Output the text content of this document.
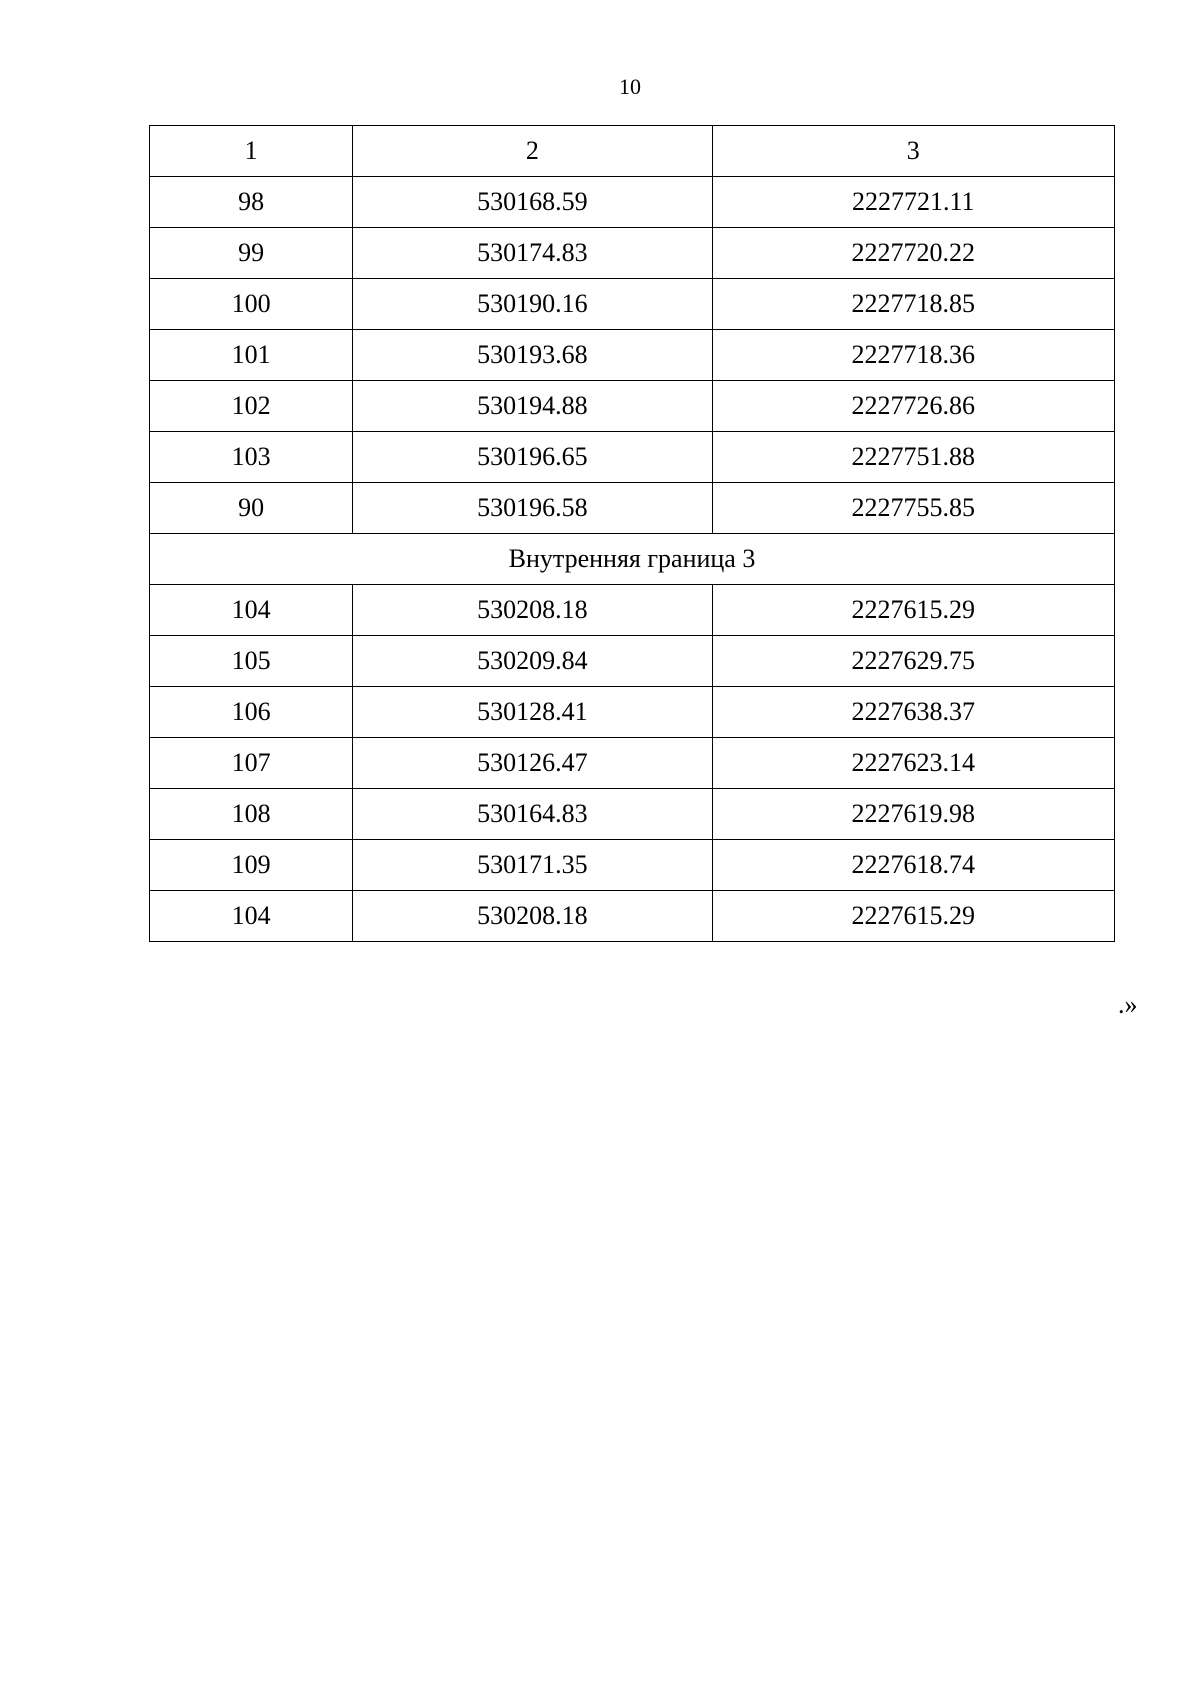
10
1	2	3
98	530168.59	2227721.11
99	530174.83	2227720.22
100	530190.16	2227718.85
101	530193.68	2227718.36
102	530194.88	2227726.86
103	530196.65	2227751.88
90	530196.58	2227755.85
Внутренняя граница 3		
104	530208.18	2227615.29
105	530209.84	2227629.75
106	530128.41	2227638.37
107	530126.47	2227623.14
108	530164.83	2227619.98
109	530171.35	2227618.74
104	530208.18	2227615.29
.»
